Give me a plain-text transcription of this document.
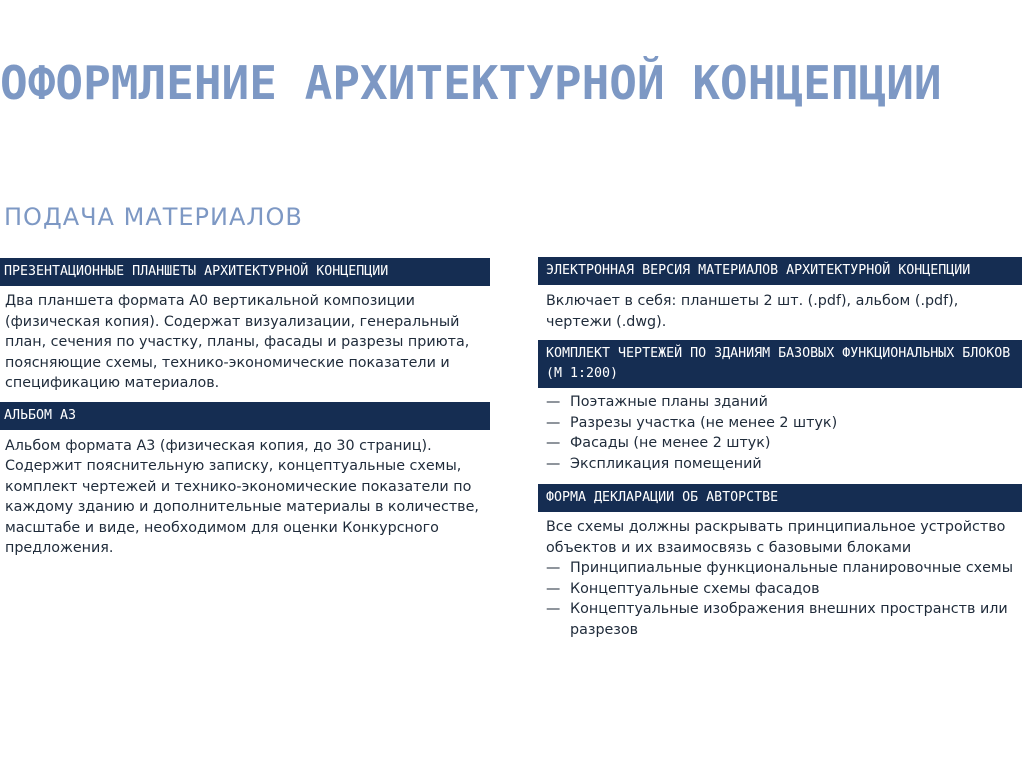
ОФОРМЛЕНИЕ АРХИТЕКТУРНОЙ КОНЦЕПЦИИ
ПОДАЧА МАТЕРИАЛОВ
ПРЕЗЕНТАЦИОННЫЕ ПЛАНШЕТЫ АРХИТЕКТУРНОЙ КОНЦЕПЦИИ

Два планшета формата А0 вертикальной композиции (физическая копия). Содержат визуализации, генеральный план, сечения по участку, планы, фасады и разрезы приюта, поясняющие схемы, технико-экономические показатели и спецификацию материалов.

АЛЬБОМ А3

Альбом формата А3 (физическая копия, до 30 страниц). Содержит пояснительную записку, концептуальные схемы, комплект чертежей и технико-экономические показатели по каждому зданию и дополнительные материалы в количестве, масштабе и виде, необходимом для оценки Конкурсного предложения.

ЭЛЕКТРОННАЯ ВЕРСИЯ МАТЕРИАЛОВ АРХИТЕКТУРНОЙ КОНЦЕПЦИИ

Включает в себя: планшеты 2 шт. (.pdf), альбом (.pdf), чертежи (.dwg).

КОМПЛЕКТ ЧЕРТЕЖЕЙ ПО ЗДАНИЯМ БАЗОВЫХ ФУНКЦИОНАЛЬНЫХ БЛОКОВ (М 1:200)
— Поэтажные планы зданий
— Разрезы участка (не менее 2 штук)
— Фасады (не менее 2 штук)
— Экспликация помещений
ФОРМА ДЕКЛАРАЦИИ ОБ АВТОРСТВЕ

Все схемы должны раскрывать принципиальное устройство объектов и их взаимосвязь с базовыми блоками

— Принципиальные функциональные планировочные схемы
— Концептуальные схемы фасадов
— Концептуальные изображения внешних пространств или разрезов
